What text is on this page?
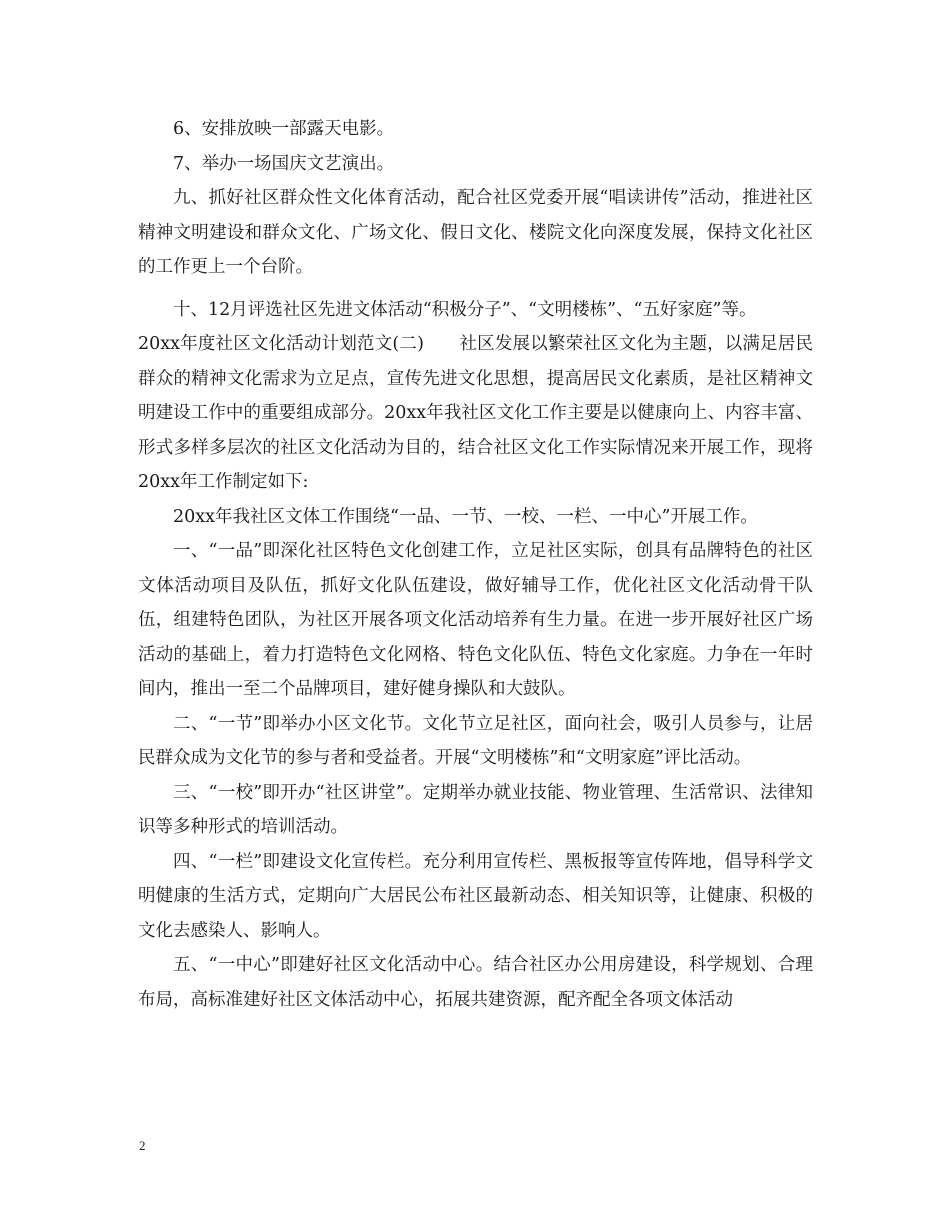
6、安排放映一部露天电影。

7、举办一场国庆文艺演出。

九、抓好社区群众性文化体育活动，配合社区党委开展“唱读讲传”活动，推进社区精神文明建设和群众文化、广场文化、假日文化、楼院文化向深度发展，保持文化社区的工作更上一个台阶。

十、12月评选社区先进文体活动“积极分子”、“文明楼栋”、“五好家庭”等。

20xx年度社区文化活动计划范文(二)　　社区发展以繁荣社区文化为主题，以满足居民群众的精神文化需求为立足点，宣传先进文化思想，提高居民文化素质，是社区精神文明建设工作中的重要组成部分。20xx年我社区文化工作主要是以健康向上、内容丰富、形式多样多层次的社区文化活动为目的，结合社区文化工作实际情况来开展工作，现将20xx年工作制定如下:

20xx年我社区文体工作围绕“一品、一节、一校、一栏、一中心”开展工作。

一、“一品”即深化社区特色文化创建工作，立足社区实际，创具有品牌特色的社区文体活动项目及队伍，抓好文化队伍建设，做好辅导工作，优化社区文化活动骨干队伍，组建特色团队，为社区开展各项文化活动培养有生力量。在进一步开展好社区广场活动的基础上，着力打造特色文化网格、特色文化队伍、特色文化家庭。力争在一年时间内，推出一至二个品牌项目，建好健身操队和大鼓队。

二、“一节”即举办小区文化节。文化节立足社区，面向社会，吸引人员参与，让居民群众成为文化节的参与者和受益者。开展“文明楼栋”和“文明家庭”评比活动。

三、“一校”即开办“社区讲堂”。定期举办就业技能、物业管理、生活常识、法律知识等多种形式的培训活动。

四、“一栏”即建设文化宣传栏。充分利用宣传栏、黑板报等宣传阵地，倡导科学文明健康的生活方式，定期向广大居民公布社区最新动态、相关知识等，让健康、积极的文化去感染人、影响人。

五、“一中心”即建好社区文化活动中心。结合社区办公用房建设，科学规划、合理布局，高标准建好社区文体活动中心，拓展共建资源，配齐配全各项文体活动

2
